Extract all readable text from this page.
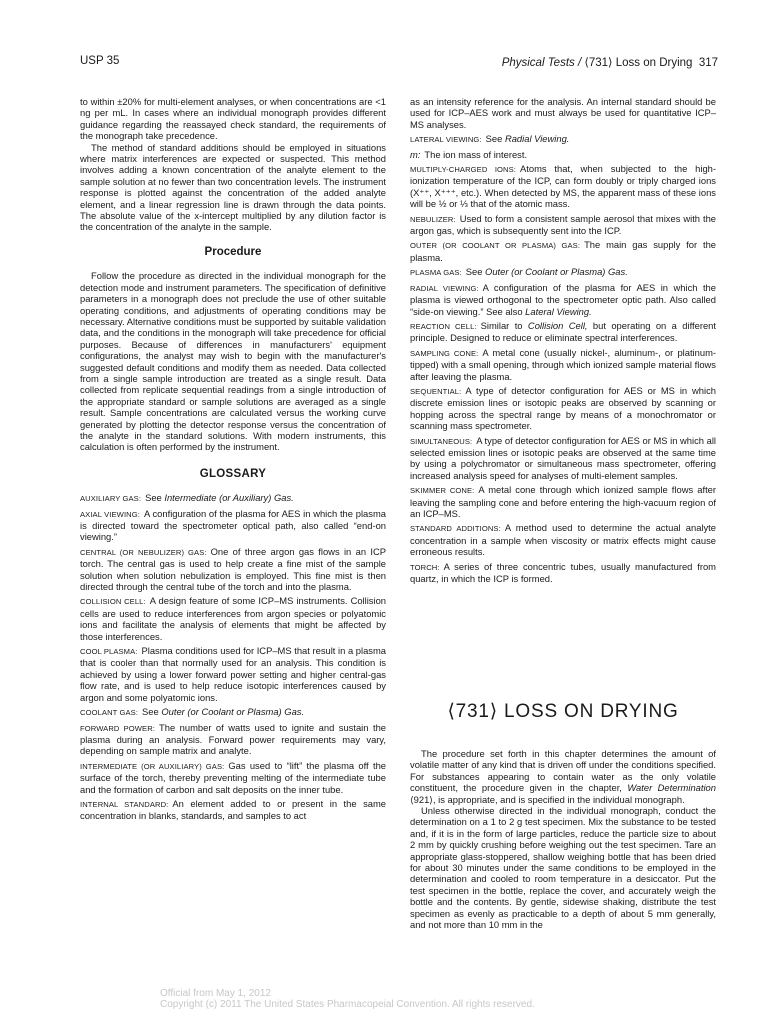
USP 35	Physical Tests / ⟨731⟩ Loss on Drying 317

to within ±20% for multi-element analyses, or when concentrations are <1 ng per mL. In cases where an individual monograph provides different guidance regarding the reassayed check standard, the requirements of the monograph take precedence.

The method of standard additions should be employed in situations where matrix interferences are expected or suspected. This method involves adding a known concentration of the analyte element to the sample solution at no fewer than two concentration levels. The instrument response is plotted against the concentration of the added analyte element, and a linear regression line is drawn through the data points. The absolute value of the x-intercept multiplied by any dilution factor is the concentration of the analyte in the sample.

Procedure

Follow the procedure as directed in the individual monograph for the detection mode and instrument parameters. The specification of definitive parameters in a monograph does not preclude the use of other suitable operating conditions, and adjustments of operating conditions may be necessary. Alternative conditions must be supported by suitable validation data, and the conditions in the monograph will take precedence for official purposes. Because of differences in manufacturers' equipment configurations, the analyst may wish to begin with the manufacturer's suggested default conditions and modify them as needed. Data collected from a single sample introduction are treated as a single result. Data collected from replicate sequential readings from a single introduction of the appropriate standard or sample solutions are averaged as a single result. Sample concentrations are calculated versus the working curve generated by plotting the detector response versus the concentration of the analyte in the standard solutions. With modern instruments, this calculation is often performed by the instrument.

GLOSSARY

AUXILIARY GAS: See Intermediate (or Auxiliary) Gas.

AXIAL VIEWING: A configuration of the plasma for AES in which the plasma is directed toward the spectrometer optical path, also called “end-on viewing.”

CENTRAL (OR NEBULIZER) GAS: One of three argon gas flows in an ICP torch. The central gas is used to help create a fine mist of the sample solution when solution nebulization is employed. This fine mist is then directed through the central tube of the torch and into the plasma.

COLLISION CELL: A design feature of some ICP–MS instruments. Collision cells are used to reduce interferences from argon species or polyatomic ions and facilitate the analysis of elements that might be affected by those interferences.

COOL PLASMA: Plasma conditions used for ICP–MS that result in a plasma that is cooler than that normally used for an analysis. This condition is achieved by using a lower forward power setting and higher central-gas flow rate, and is used to help reduce isotopic interferences caused by argon and some polyatomic ions.

COOLANT GAS: See Outer (or Coolant or Plasma) Gas.

FORWARD POWER: The number of watts used to ignite and sustain the plasma during an analysis. Forward power requirements may vary, depending on sample matrix and analyte.

INTERMEDIATE (OR AUXILIARY) GAS: Gas used to “lift” the plasma off the surface of the torch, thereby preventing melting of the intermediate tube and the formation of carbon and salt deposits on the inner tube.

INTERNAL STANDARD: An element added to or present in the same concentration in blanks, standards, and samples to act

as an intensity reference for the analysis. An internal standard should be used for ICP–AES work and must always be used for quantitative ICP–MS analyses.

LATERAL VIEWING: See Radial Viewing.

m: The ion mass of interest.

MULTIPLY-CHARGED IONS: Atoms that, when subjected to the high-ionization temperature of the ICP, can form doubly or triply charged ions (X⁺⁺, X⁺⁺⁺, etc.). When detected by MS, the apparent mass of these ions will be ½ or ⅓ that of the atomic mass.

NEBULIZER: Used to form a consistent sample aerosol that mixes with the argon gas, which is subsequently sent into the ICP.

OUTER (OR COOLANT OR PLASMA) GAS: The main gas supply for the plasma.

PLASMA GAS: See Outer (or Coolant or Plasma) Gas.

RADIAL VIEWING: A configuration of the plasma for AES in which the plasma is viewed orthogonal to the spectrometer optic path. Also called “side-on viewing.” See also Lateral Viewing.

REACTION CELL: Similar to Collision Cell, but operating on a different principle. Designed to reduce or eliminate spectral interferences.

SAMPLING CONE: A metal cone (usually nickel-, aluminum-, or platinum-tipped) with a small opening, through which ionized sample material flows after leaving the plasma.

SEQUENTIAL: A type of detector configuration for AES or MS in which discrete emission lines or isotopic peaks are observed by scanning or hopping across the spectral range by means of a monochromator or scanning mass spectrometer.

SIMULTANEOUS: A type of detector configuration for AES or MS in which all selected emission lines or isotopic peaks are observed at the same time by using a polychromator or simultaneous mass spectrometer, offering increased analysis speed for analyses of multi-element samples.

SKIMMER CONE: A metal cone through which ionized sample flows after leaving the sampling cone and before entering the high-vacuum region of an ICP–MS.

STANDARD ADDITIONS: A method used to determine the actual analyte concentration in a sample when viscosity or matrix effects might cause erroneous results.

TORCH: A series of three concentric tubes, usually manufactured from quartz, in which the ICP is formed.

⟨731⟩ LOSS ON DRYING

The procedure set forth in this chapter determines the amount of volatile matter of any kind that is driven off under the conditions specified. For substances appearing to contain water as the only volatile constituent, the procedure given in the chapter, Water Determination ⟨921⟩, is appropriate, and is specified in the individual monograph.

Unless otherwise directed in the individual monograph, conduct the determination on a 1 to 2 g test specimen. Mix the substance to be tested and, if it is in the form of large particles, reduce the particle size to about 2 mm by quickly crushing before weighing out the test specimen. Tare an appropriate glass-stoppered, shallow weighing bottle that has been dried for about 30 minutes under the same conditions to be employed in the determination and cooled to room temperature in a desiccator. Put the test specimen in the bottle, replace the cover, and accurately weigh the bottle and the contents. By gentle, sidewise shaking, distribute the test specimen as evenly as practicable to a depth of about 5 mm generally, and not more than 10 mm in the

Official from May 1, 2012
Copyright (c) 2011 The United States Pharmacopeial Convention. All rights reserved.
